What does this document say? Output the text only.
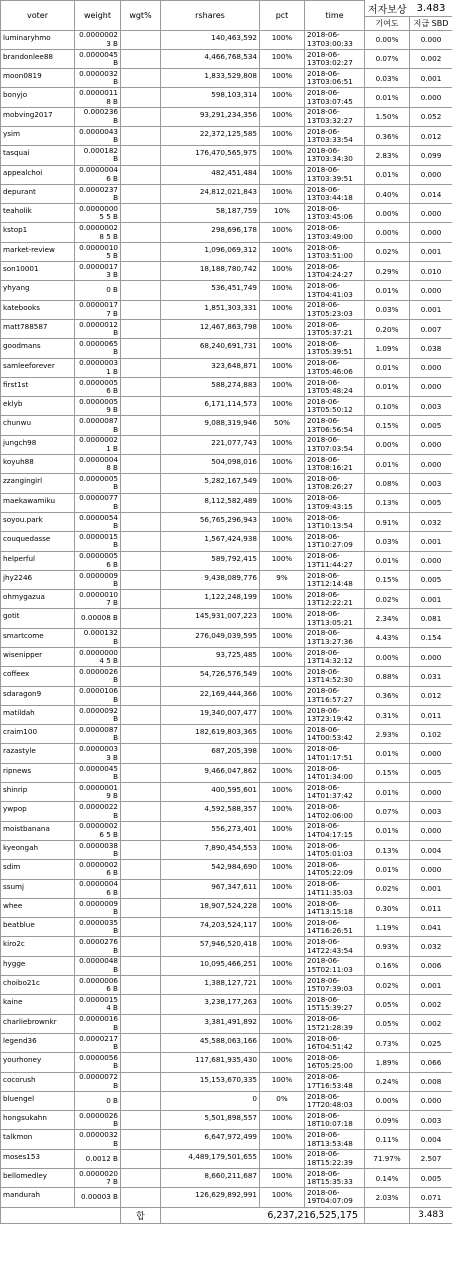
voter	weight	wgt%	rshares	pct	time	저자보상	3.483
						기여도	지급 SBD
luminaryhmo	0.00000023 B		140,463,592	100%	2018-06-13T03:00:33	0.00%	0.000
brandonlee88	0.0000045 B		4,466,768,534	100%	2018-06-13T03:02:27	0.07%	0.002
moon0819	0.0000032 B		1,833,529,808	100%	2018-06-13T03:06:51	0.03%	0.001
bonyjo	0.00000118 B		598,103,314	100%	2018-06-13T03:07:45	0.01%	0.000
mobving2017	0.000236 B		93,291,234,356	100%	2018-06-13T03:32:27	1.50%	0.052
ysim	0.0000043 B		22,372,125,585	100%	2018-06-13T03:33:54	0.36%	0.012
tasquai	0.000182 B		176,470,565,975	100%	2018-06-13T03:34:30	2.83%	0.099
appealchoi	0.00000046 B		482,451,484	100%	2018-06-13T03:39:51	0.01%	0.000
depurant	0.0000237 B		24,812,021,843	100%	2018-06-13T03:44:18	0.40%	0.014
teaholik	0.00000005 5 B		58,187,759	10%	2018-06-13T03:45:06	0.00%	0.000
kstop1	0.00000028 5 B		298,696,178	100%	2018-06-13T03:49:00	0.00%	0.000
market-review	0.00000105 B		1,096,069,312	100%	2018-06-13T03:51:00	0.02%	0.001
son10001	0.00000173 B		18,188,780,742	100%	2018-06-13T04:24:27	0.29%	0.010
yhyang	0 B		536,451,749	100%	2018-06-13T04:41:03	0.01%	0.000
katebooks	0.00000177 B		1,851,303,331	100%	2018-06-13T05:23:03	0.03%	0.001
matt788587	0.0000012 B		12,467,863,798	100%	2018-06-13T05:37:21	0.20%	0.007
goodmans	0.0000065 B		68,240,691,731	100%	2018-06-13T05:39:51	1.09%	0.038
samleeforever	0.00000031 B		323,648,871	100%	2018-06-13T05:46:06	0.01%	0.000
first1st	0.00000056 B		588,274,883	100%	2018-06-13T05:48:24	0.01%	0.000
eklyb	0.00000059 B		6,171,114,573	100%	2018-06-13T05:50:12	0.10%	0.003
chunwu	0.0000087 B		9,088,319,946	50%	2018-06-13T06:56:54	0.15%	0.005
jungch98	0.00000021 B		221,077,743	100%	2018-06-13T07:03:54	0.00%	0.000
koyuh88	0.00000048 B		504,098,016	100%	2018-06-13T08:16:21	0.01%	0.000
zzangingirl	0.0000005 B		5,282,167,549	100%	2018-06-13T08:26:27	0.08%	0.003
maekawamiku	0.0000077 B		8,112,582,489	100%	2018-06-13T09:43:15	0.13%	0.005
soyou.park	0.0000054 B		56,765,296,943	100%	2018-06-13T10:13:54	0.91%	0.032
couquedasse	0.0000015 B		1,567,424,938	100%	2018-06-13T10:27:09	0.03%	0.001
helperful	0.00000056 B		589,792,415	100%	2018-06-13T11:44:27	0.01%	0.000
jhy2246	0.0000009 B		9,438,089,776	9%	2018-06-13T12:14:48	0.15%	0.005
ohmygazua	0.00000107 B		1,122,248,199	100%	2018-06-13T12:22:21	0.02%	0.001
gotit	0.00008 B		145,931,007,223	100%	2018-06-13T13:05:21	2.34%	0.081
smartcome	0.000132 B		276,049,039,595	100%	2018-06-13T13:27:36	4.43%	0.154
wisenipper	0.00000004 5 B		93,725,485	100%	2018-06-13T14:32:12	0.00%	0.000
coffeex	0.0000026 B		54,726,576,549	100%	2018-06-13T14:52:30	0.88%	0.031
sdaragon9	0.0000106 B		22,169,444,366	100%	2018-06-13T16:57:27	0.36%	0.012
matildah	0.0000092 B		19,340,007,477	100%	2018-06-13T23:19:42	0.31%	0.011
craim100	0.0000087 B		182,619,803,365	100%	2018-06-14T00:53:42	2.93%	0.102
razastyle	0.00000033 B		687,205,398	100%	2018-06-14T01:17:51	0.01%	0.000
ripnews	0.0000045 B		9,466,047,862	100%	2018-06-14T01:34:00	0.15%	0.005
shinrip	0.00000019 B		400,595,601	100%	2018-06-14T01:37:42	0.01%	0.000
ywpop	0.0000022 B		4,592,588,357	100%	2018-06-14T02:06:00	0.07%	0.003
moistbanana	0.00000026 5 B		556,273,401	100%	2018-06-14T04:17:15	0.01%	0.000
kyeongah	0.0000038 B		7,890,454,553	100%	2018-06-14T05:01:03	0.13%	0.004
sdim	0.00000026 B		542,984,690	100%	2018-06-14T05:22:09	0.01%	0.000
ssumj	0.00000046 B		967,347,611	100%	2018-06-14T11:35:03	0.02%	0.001
whee	0.0000009 B		18,907,524,228	100%	2018-06-14T13:15:18	0.30%	0.011
beatblue	0.0000035 B		74,203,524,117	100%	2018-06-14T16:26:51	1.19%	0.041
kiro2c	0.0000276 B		57,946,520,418	100%	2018-06-14T22:43:54	0.93%	0.032
hygge	0.0000048 B		10,095,466,251	100%	2018-06-15T02:11:03	0.16%	0.006
choibo21c	0.00000066 B		1,388,127,721	100%	2018-06-15T07:39:03	0.02%	0.001
kaine	0.00000154 B		3,238,177,263	100%	2018-06-15T15:39:27	0.05%	0.002
charliebrownkr	0.0000016 B		3,381,491,892	100%	2018-06-15T21:28:39	0.05%	0.002
legend36	0.0000217 B		45,588,063,166	100%	2018-06-16T04:51:42	0.73%	0.025
yourhoney	0.0000056 B		117,681,935,430	100%	2018-06-16T05:25:00	1.89%	0.066
cocorush	0.0000072 B		15,153,670,335	100%	2018-06-17T16:53:48	0.24%	0.008
bluengel	0 B		0	0%	2018-06-17T20:48:03	0.00%	0.000
hongsukahn	0.0000026 B		5,501,898,557	100%	2018-06-18T10:07:18	0.09%	0.003
talkmon	0.0000032 B		6,647,972,499	100%	2018-06-18T13:53:48	0.11%	0.004
moses153	0.0012 B		4,489,179,501,655	100%	2018-06-18T15:22:39	71.97%	2.507
bellomedley	0.00000207 B		8,660,211,687	100%	2018-06-18T15:35:33	0.14%	0.005
mandurah	0.00003 B		126,629,892,991	100%	2018-06-19T04:07:09	2.03%	0.071
		합	6,237,216,525,175				3.483
